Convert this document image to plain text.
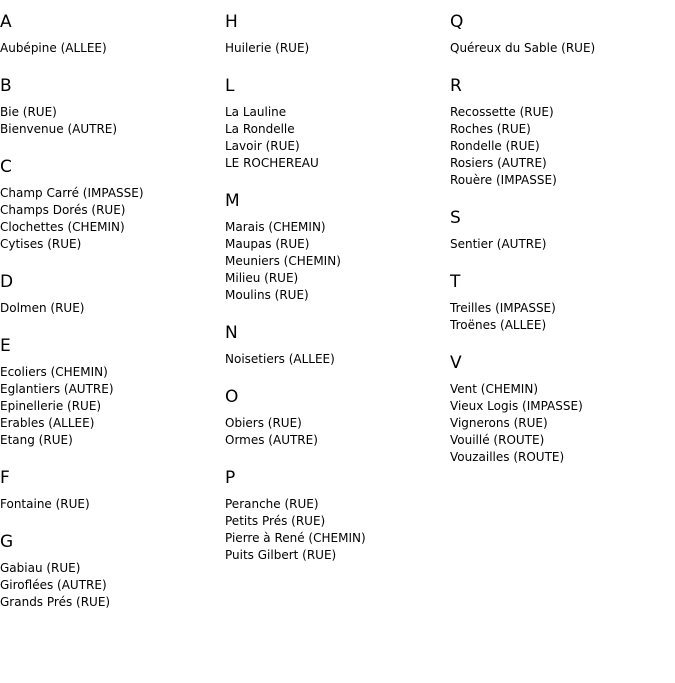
A
Aubépine (ALLEE)
B
Bie (RUE)
Bienvenue (AUTRE)
C
Champ Carré (IMPASSE)
Champs Dorés (RUE)
Clochettes (CHEMIN)
Cytises (RUE)
D
Dolmen (RUE)
E
Ecoliers (CHEMIN)
Eglantiers (AUTRE)
Epinellerie (RUE)
Erables (ALLEE)
Etang (RUE)
F
Fontaine (RUE)
G
Gabiau (RUE)
Giroflées (AUTRE)
Grands Prés (RUE)
H
Huilerie (RUE)
L
La Lauline
La Rondelle
Lavoir (RUE)
LE ROCHEREAU
M
Marais (CHEMIN)
Maupas (RUE)
Meuniers (CHEMIN)
Milieu (RUE)
Moulins (RUE)
N
Noisetiers (ALLEE)
O
Obiers (RUE)
Ormes (AUTRE)
P
Peranche (RUE)
Petits Prés (RUE)
Pierre à René (CHEMIN)
Puits Gilbert (RUE)
Q
Quéreux du Sable (RUE)
R
Recossette (RUE)
Roches (RUE)
Rondelle (RUE)
Rosiers (AUTRE)
Rouère (IMPASSE)
S
Sentier (AUTRE)
T
Treilles (IMPASSE)
Troënes (ALLEE)
V
Vent (CHEMIN)
Vieux Logis (IMPASSE)
Vignerons (RUE)
Vouillé (ROUTE)
Vouzailles (ROUTE)
